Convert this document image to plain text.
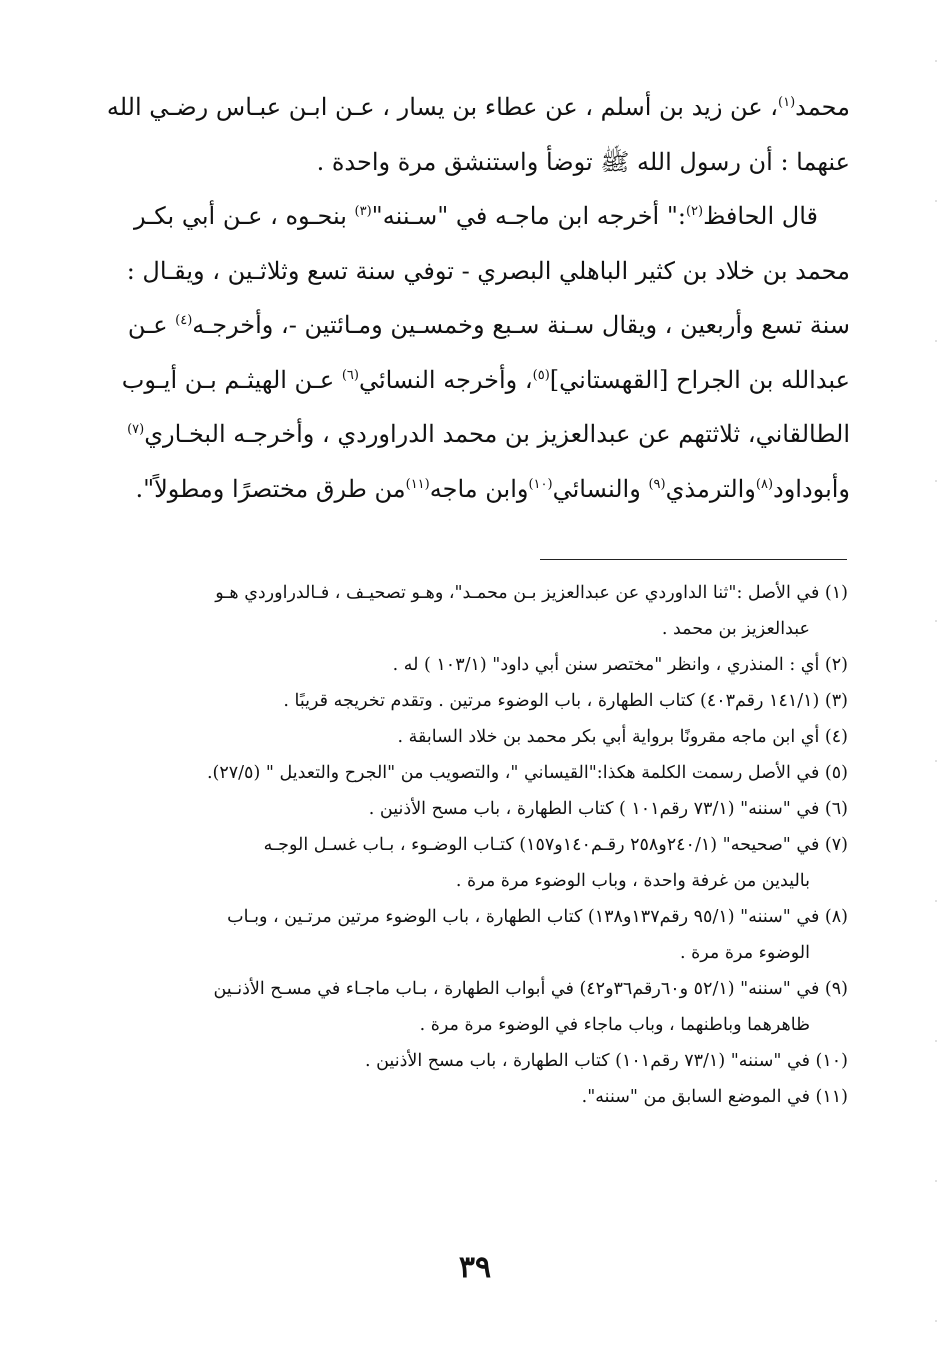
محمد$^{(١)}$، عن زيد بن أسلم ، عن عطاء بن يسار ، عـن ابـن عبـاس رضـي الله
عنهما : أن رسول الله ﷺ توضأ واستنشق مرة واحدة .

قال الحافظ$^{(٢)}$:" أخرجه ابن ماجـه في "سـننه"$^{(٣)}$ بنحـوه ، عـن أبي بكـر
محمد بن خلاد بن كثير الباهلي البصري - توفي سنة تسع وثلاثـين ، ويقـال :
سنة تسع وأربعين ، ويقال سـنة سـبع وخمسـين ومـائتين -، وأخرجـه$^{(٤)}$ عـن
عبدالله بن الجراح [القهستاني]$^{(٥)}$، وأخرجه النسائي$^{(٦)}$ عـن الهيثـم بـن أيـوب
الطالقاني، ثلاثتهم عن عبدالعزيز بن محمد الدراوردي ، وأخرجـه البخـاري$^{(٧)}$
وأبوداود$^{(٨)}$والترمذي$^{(٩)}$ والنسائي$^{(١٠)}$وابن ماجه$^{(١١)}$من طرق مختصرًا ومطولاً".

(١) في الأصل :"ثنا الداوردي عن عبدالعزيز بـن محمـد"، وهـو تصحيـف ، فـالدراوردي هـو
عبدالعزيز بن محمد .

(٢) أي : المنذري ، وانظر "مختصر سنن أبي داود" (١٠٣/١ ) له .

(٣) (١٤١/١ رقم٤٠٣) كتاب الطهارة ، باب الوضوء مرتين . وتقدم تخريجه قريبًا .

(٤) أي ابن ماجه مقرونًا برواية أبي بكر محمد بن خلاد السابقة .

(٥) في الأصل رسمت الكلمة هكذا:"القيساني "، والتصويب من "الجرح والتعديل " (٢٧/٥).

(٦) في "سننه" (٧٣/١ رقم١٠١ ) كتاب الطهارة ، باب مسح الأذنين .

(٧) في "صحيحه" (٢٤٠/١و٢٥٨ رقـم١٤٠و١٥٧) كتـاب الوضـوء ، بـاب غسـل الوجـه
باليدين من غرفة واحدة ، وباب الوضوء مرة مرة .

(٨) في "سننه" (٩٥/١ رقم١٣٧و١٣٨) كتاب الطهارة ، باب الوضوء مرتين مرتـين ، وبـاب
الوضوء مرة مرة .

(٩) في "سننه" (٥٢/١ و٦٠رقم٣٦و٤٢) في أبواب الطهارة ، بـاب ماجـاء في مسـح الأذنـين
ظاهرهما وباطنهما ، وباب ماجاء في الوضوء مرة مرة .

(١٠) في "سننه" (٧٣/١ رقم١٠١) كتاب الطهارة ، باب مسح الأذنين .

(١١) في الموضع السابق من "سننه".

٣٩
